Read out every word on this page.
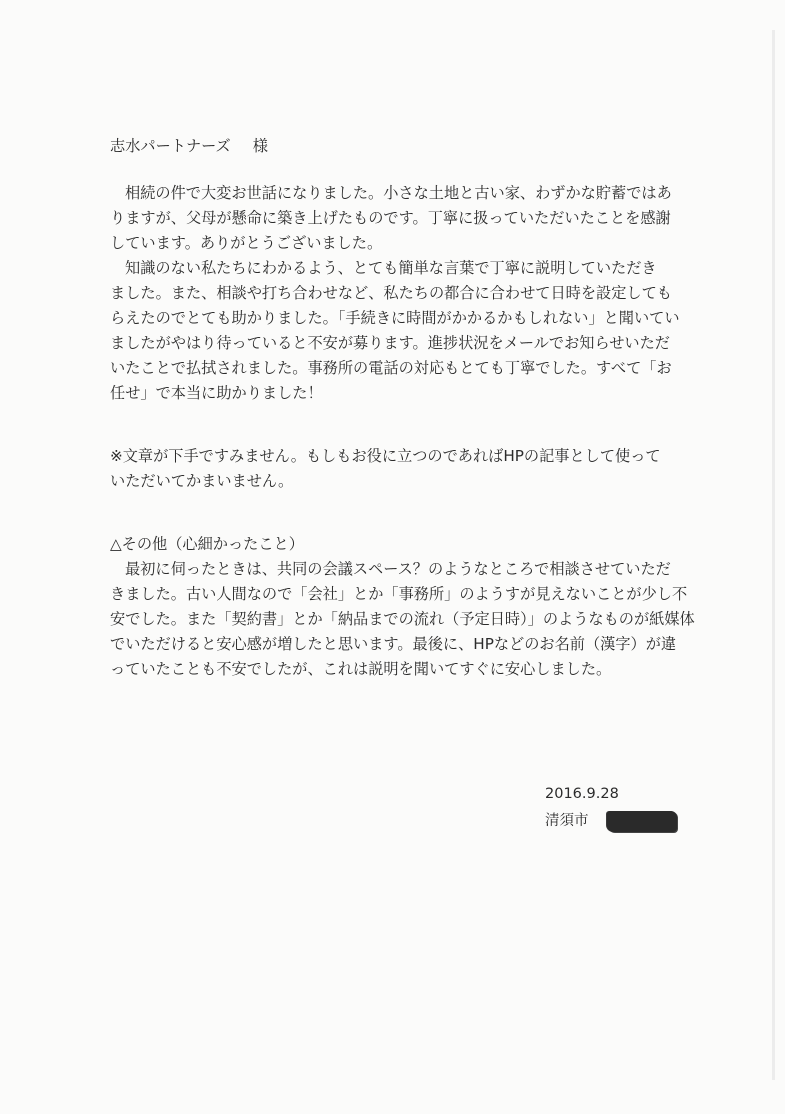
志水パートナーズ 様
相続の件で大変お世話になりました。小さな土地と古い家、わずかな貯蓄ではあ
りますが、父母が懸命に築き上げたものです。丁寧に扱っていただいたことを感謝
しています。ありがとうございました。
知識のない私たちにわかるよう、とても簡単な言葉で丁寧に説明していただき
ました。また、相談や打ち合わせなど、私たちの都合に合わせて日時を設定しても
らえたのでとても助かりました。「手続きに時間がかかるかもしれない」と聞いてい
ましたがやはり待っていると不安が募ります。進捗状況をメールでお知らせいただ
いたことで払拭されました。事務所の電話の対応もとても丁寧でした。すべて「お
任せ」で本当に助かりました！
※文章が下手ですみません。もしもお役に立つのであればHPの記事として使って
いただいてかまいません。
△その他（心細かったこと）
最初に伺ったときは、共同の会議スペース？のようなところで相談させていただ
きました。古い人間なので「会社」とか「事務所」のようすが見えないことが少し不
安でした。また「契約書」とか「納品までの流れ（予定日時）」のようなものが紙媒体
でいただけると安心感が増したと思います。最後に、HPなどのお名前（漢字）が違
っていたことも不安でしたが、これは説明を聞いてすぐに安心しました。
2016.9.28
清須市
